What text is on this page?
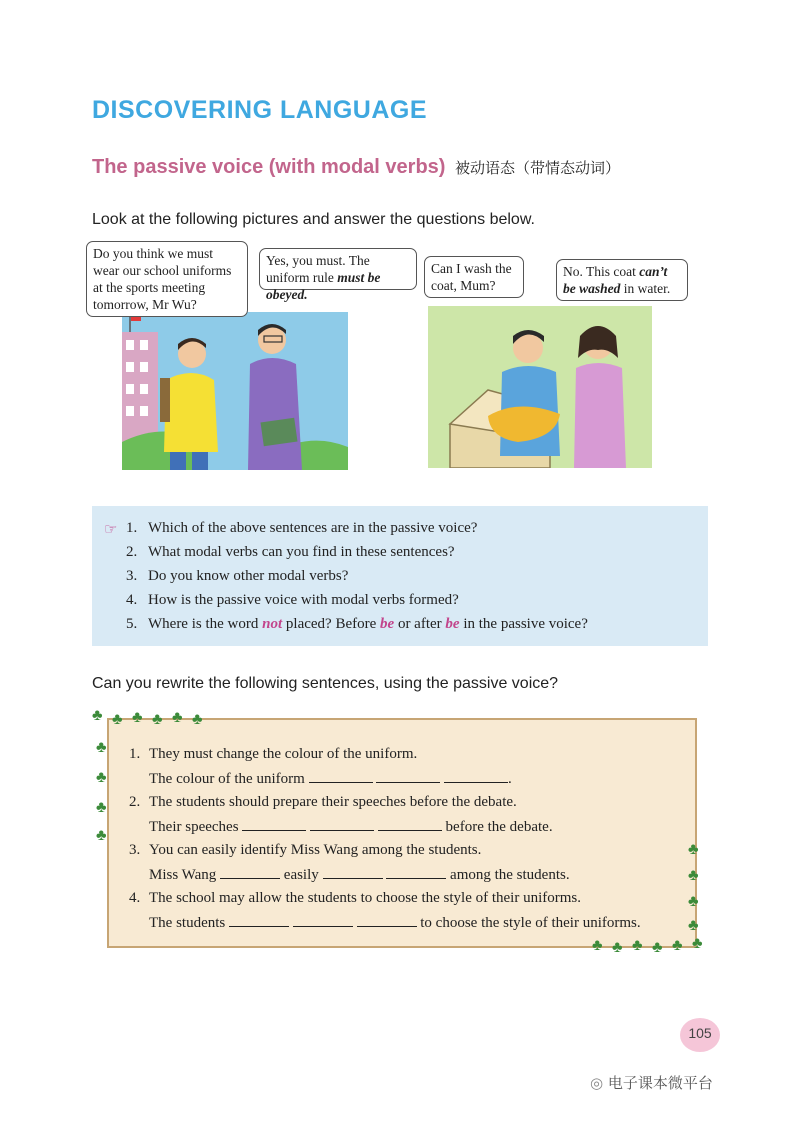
DISCOVERING LANGUAGE
The passive voice (with modal verbs) 被动语态（带情态动词）
Look at the following pictures and answer the questions below.
Do you think we must wear our school uniforms at the sports meeting tomorrow, Mr Wu?
Yes, you must. The uniform rule must be obeyed.
Can I wash the coat, Mum?
No. This coat can’t be washed in water.
☞ 1. Which of the above sentences are in the passive voice?
2. What modal verbs can you find in these sentences?
3. Do you know other modal verbs?
4. How is the passive voice with modal verbs formed?
5. Where is the word not placed? Before be or after be in the passive voice?
Can you rewrite the following sentences, using the passive voice?
1. They must change the colour of the uniform.
The colour of the uniform	.
2. The students should prepare their speeches before the debate.
Their speeches	before the debate.
3. You can easily identify Miss Wang among the students.
Miss Wang	easily	among the students.
4. The school may allow the students to choose the style of their uniforms.
The students	to choose the style of their uniforms.
♣ ♣ ♣ ♣ ♣ ♣
♣
♣
♣
♣
♣
♣
♣
♣
♣ ♣ ♣ ♣ ♣ ♣
105
◎ 电子课本微平台
